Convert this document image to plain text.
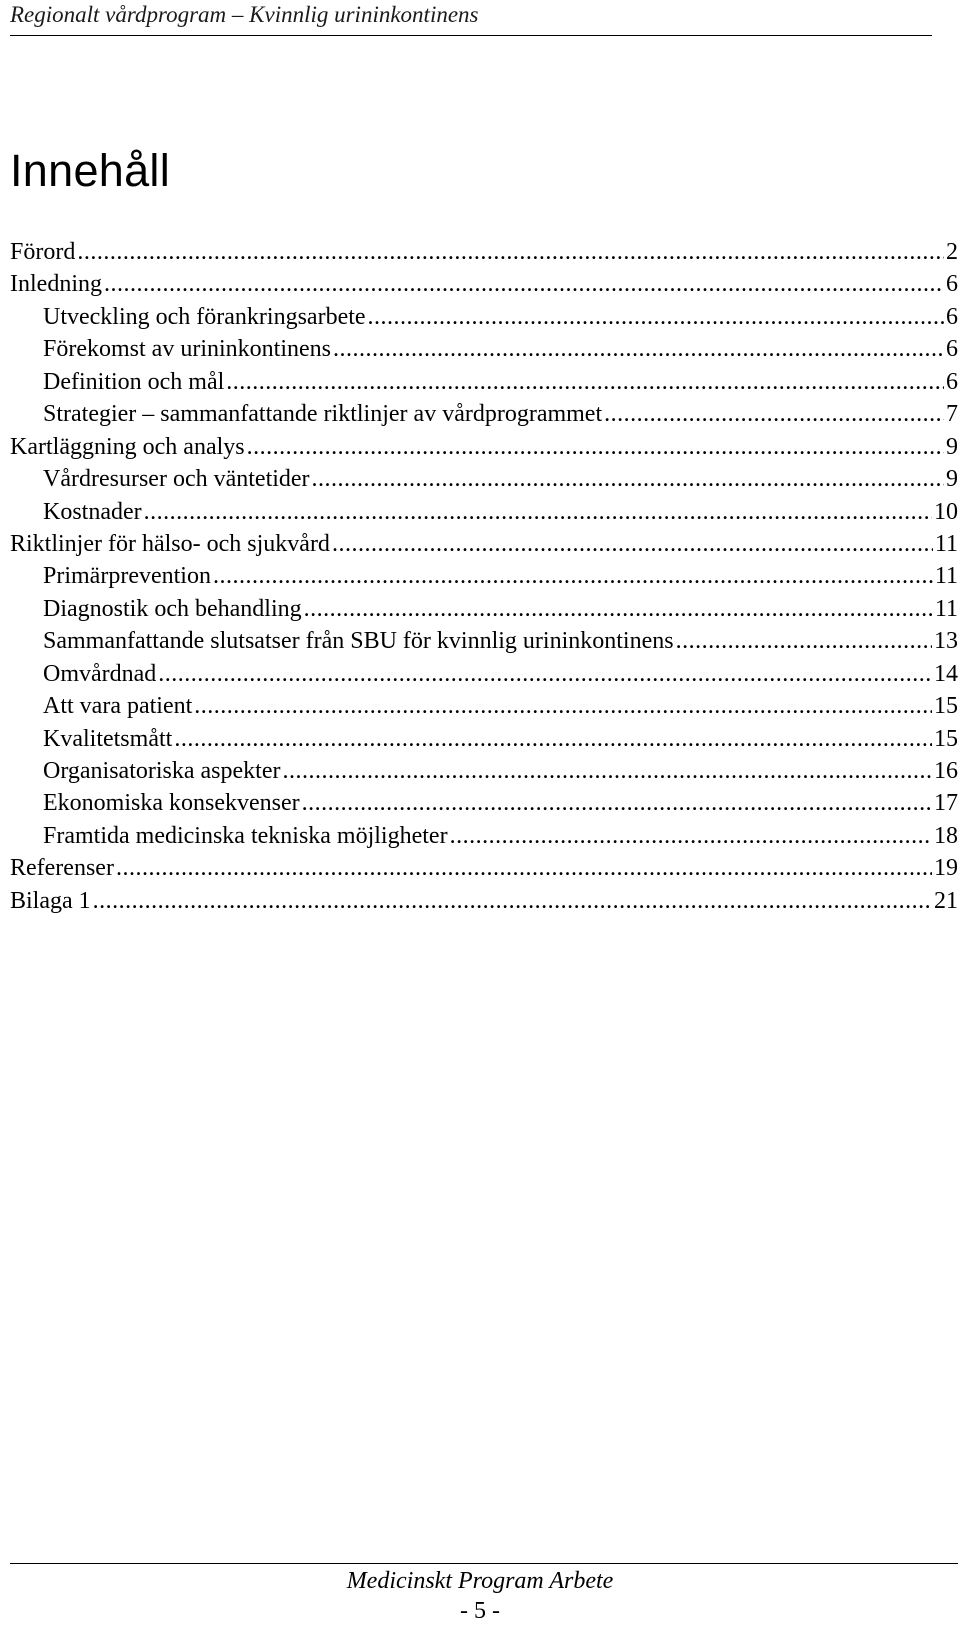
Regionalt vårdprogram – Kvinnlig urininkontinens
Innehåll
Förord .....	2
Inledning .....	6
Utveckling och förankringsarbete .....	6
Förekomst av urininkontinens .....	6
Definition och mål .....	6
Strategier – sammanfattande riktlinjer av vårdprogrammet .....	7
Kartläggning och analys .....	9
Vårdresurser och väntetider .....	9
Kostnader .....	10
Riktlinjer för hälso- och sjukvård .....	11
Primärprevention .....	11
Diagnostik och behandling .....	11
Sammanfattande slutsatser från SBU för kvinnlig urininkontinens .....	13
Omvårdnad .....	14
Att vara patient .....	15
Kvalitetsmått .....	15
Organisatoriska aspekter .....	16
Ekonomiska konsekvenser .....	17
Framtida medicinska tekniska möjligheter .....	18
Referenser .....	19
Bilaga 1 .....	21
Medicinskt Program Arbete
- 5 -
